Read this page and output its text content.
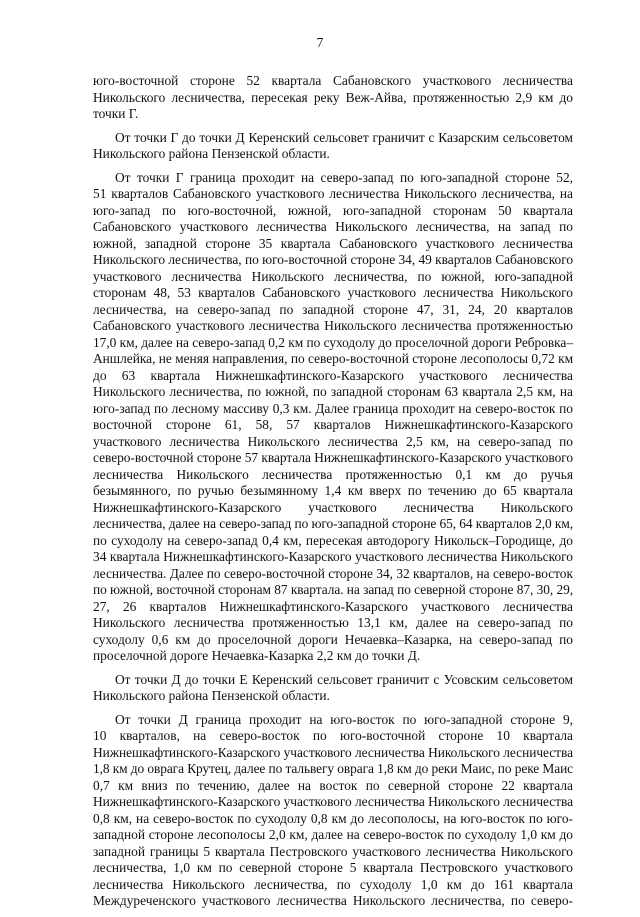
7
юго-восточной стороне 52 квартала Сабановского участкового лесничества
Никольского лесничества, пересекая реку Веж-Айва, протяженностью 2,9 км до
точки Г.
От точки Г до точки Д Керенский сельсовет граничит с Казарским сельсоветом
Никольского района Пензенской области.
От точки Г граница проходит на северо-запад по юго-западной стороне 52,
51 кварталов Сабановского участкового лесничества Никольского лесничества, на
юго-запад по юго-восточной, южной, юго-западной сторонам 50 квартала
Сабановского участкового лесничества Никольского лесничества, на запад по
южной, западной стороне 35 квартала Сабановского участкового лесничества
Никольского лесничества, по юго-восточной стороне 34, 49 кварталов Сабановского
участкового лесничества Никольского лесничества, по южной, юго-западной
сторонам 48, 53 кварталов Сабановского участкового лесничества Никольского
лесничества, на северо-запад по западной стороне 47, 31, 24, 20 кварталов
Сабановского участкового лесничества Никольского лесничества протяженностью
17,0 км, далее на северо-запад 0,2 км по суходолу до проселочной дороги Ребровка–
Аншлейка, не меняя направления, по северо-восточной стороне лесополосы 0,72 км
до 63 квартала Нижнешкафтинского-Казарского участкового лесничества
Никольского лесничества, по южной, по западной сторонам 63 квартала 2,5 км, на
юго-запад по лесному массиву 0,3 км. Далее граница проходит на северо-восток по
восточной стороне 61, 58, 57 кварталов Нижнешкафтинского-Казарского
участкового лесничества Никольского лесничества 2,5 км, на северо-запад по
северо-восточной стороне 57 квартала Нижнешкафтинского-Казарского участкового
лесничества Никольского лесничества протяженностью 0,1 км до ручья
безымянного, по ручью безымянному 1,4 км вверх по течению до 65 квартала
Нижнешкафтинского-Казарского участкового лесничества Никольского
лесничества, далее на северо-запад по юго-западной стороне 65, 64 кварталов 2,0 км,
по суходолу на северо-запад 0,4 км, пересекая автодорогу Никольск–Городище, до
34 квартала Нижнешкафтинского-Казарского участкового лесничества Никольского
лесничества. Далее по северо-восточной стороне 34, 32 кварталов, на северо-восток
по южной, восточной сторонам 87 квартала. на запад по северной стороне 87, 30, 29,
27, 26 кварталов Нижнешкафтинского-Казарского участкового лесничества
Никольского лесничества протяженностью 13,1 км, далее на северо-запад по
суходолу 0,6 км до проселочной дороги Нечаевка–Казарка, на северо-запад по
проселочной дороге Нечаевка-Казарка 2,2 км до точки Д.
От точки Д до точки Е Керенский сельсовет граничит с Усовским сельсоветом
Никольского района Пензенской области.
От точки Д граница проходит на юго-восток по юго-западной стороне 9,
10 кварталов, на северо-восток по юго-восточной стороне 10 квартала
Нижнешкафтинского-Казарского участкового лесничества Никольского лесничества
1,8 км до оврага Крутец, далее по тальвегу оврага 1,8 км до реки Маис, по реке Маис
0,7 км вниз по течению, далее на восток по северной стороне 22 квартала
Нижнешкафтинского-Казарского участкового лесничества Никольского лесничества
0,8 км, на северо-восток по суходолу 0,8 км до лесополосы, на юго-восток по юго-
западной стороне лесополосы 2,0 км, далее на северо-восток по суходолу 1,0 км до
западной границы 5 квартала Пестровского участкового лесничества Никольского
лесничества, 1,0 км по северной стороне 5 квартала Пестровского участкового
лесничества Никольского лесничества, по суходолу 1,0 км до 161 квартала
Междуреченского участкового лесничества Никольского лесничества, по северо-
